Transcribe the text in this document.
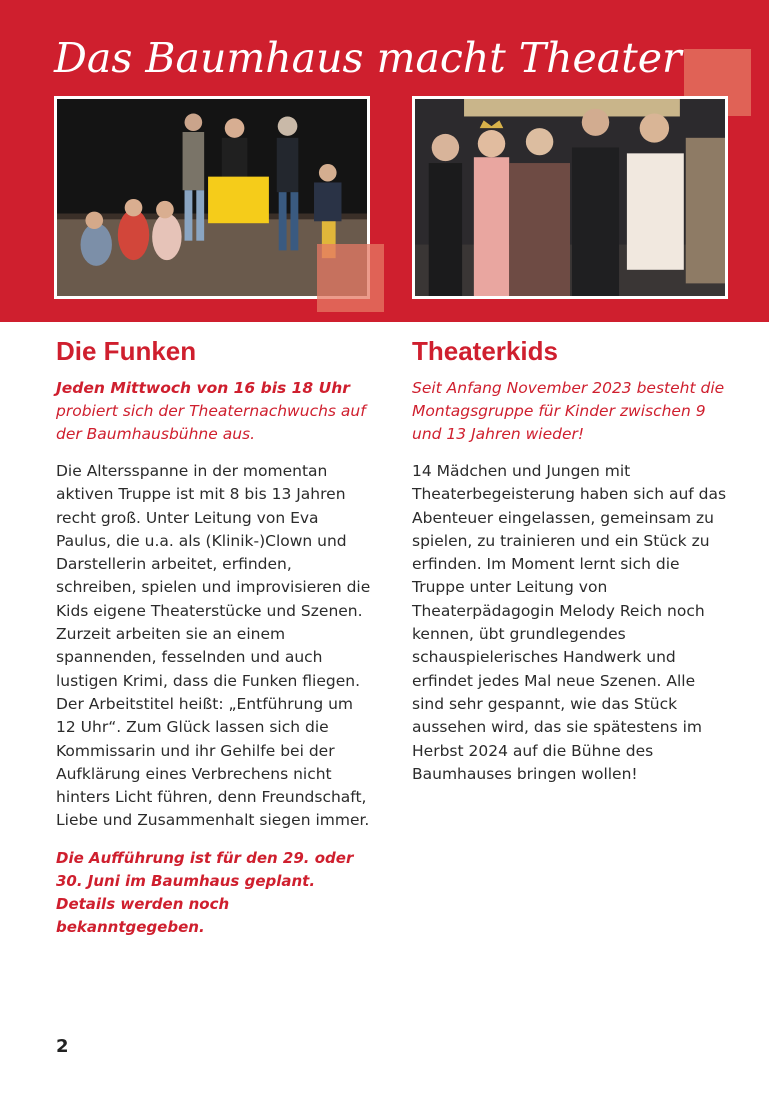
Das Baumhaus macht Theater
Die Funken

Jeden Mittwoch von 16 bis 18 Uhr
probiert sich der Theaternachwuchs auf der Baumhausbühne aus.

Die Altersspanne in der momentan aktiven Truppe ist mit 8 bis 13 Jahren recht groß. Unter Leitung von Eva Paulus, die u.a. als (Klinik-)Clown und Darstellerin arbeitet, erfinden, schreiben, spielen und improvisieren die Kids eigene Theaterstücke und Szenen. Zurzeit arbeiten sie an einem spannenden, fesselnden und auch lustigen Krimi, dass die Funken fliegen. Der Arbeitstitel heißt: „Entführung um 12 Uhr“. Zum Glück lassen sich die Kommissarin und ihr Gehilfe bei der Aufklärung eines Verbrechens nicht hinters Licht führen, denn Freundschaft, Liebe und Zusammenhalt siegen immer.

Die Aufführung ist für den 29. oder 30. Juni im Baumhaus geplant. Details werden noch bekanntgegeben.

Theaterkids

Seit Anfang November 2023 besteht die Montagsgruppe für Kinder zwischen 9 und 13 Jahren wieder!

14 Mädchen und Jungen mit Theaterbegeisterung haben sich auf das Abenteuer eingelassen, gemeinsam zu spielen, zu trainieren und ein Stück zu erfinden. Im Moment lernt sich die Truppe unter Leitung von Theaterpädagogin Melody Reich noch kennen, übt grundlegendes schauspielerisches Handwerk und erfindet jedes Mal neue Szenen. Alle sind sehr gespannt, wie das Stück aussehen wird, das sie spätestens im Herbst 2024 auf die Bühne des Baumhauses bringen wollen!

2
